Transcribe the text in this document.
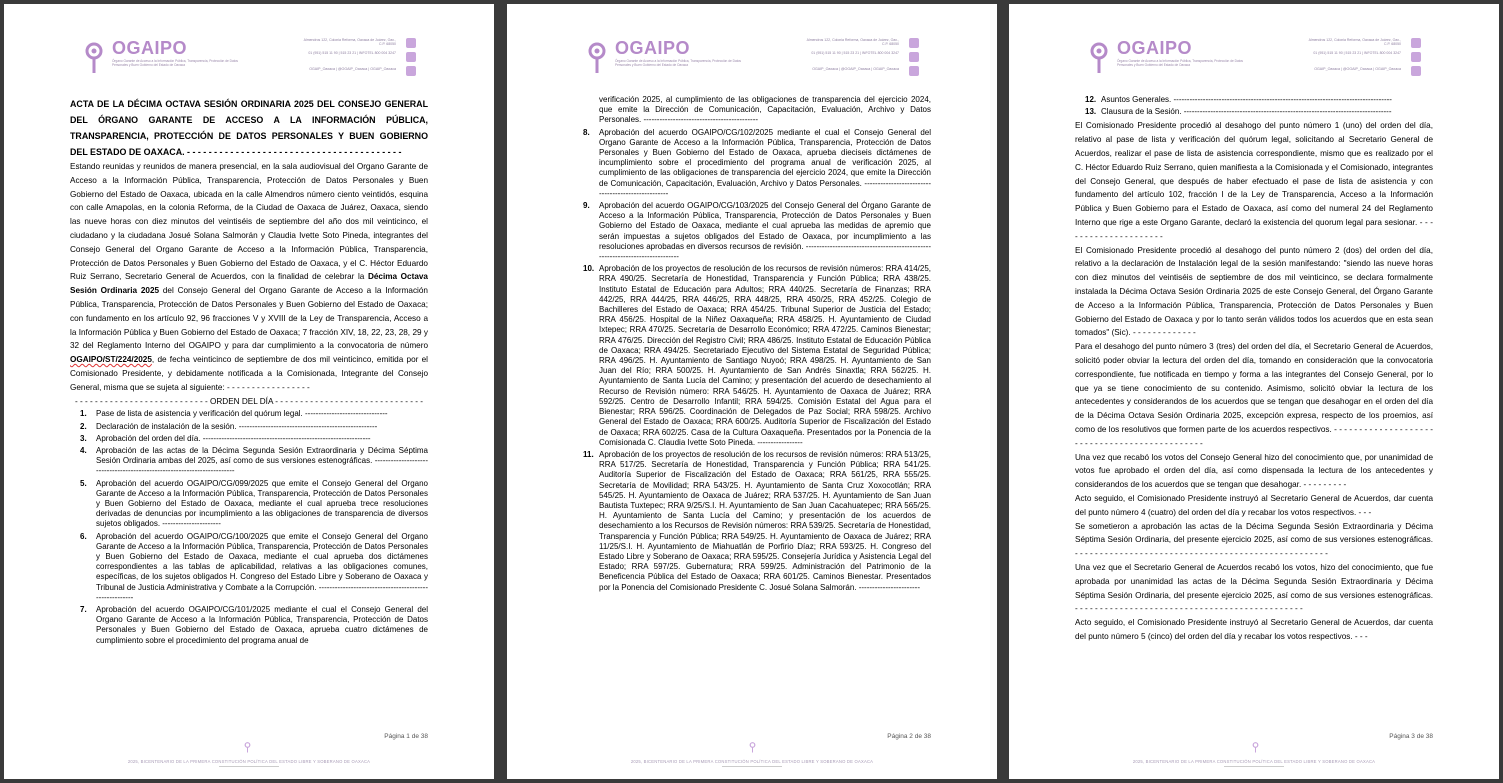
OGAIPO
Órgano Garante de Acceso a la Información Pública, Transparencia, Protección de Datos Personales y Buen Gobierno del Estado de Oaxaca
Almendros 122, Colonia Reforma, Oaxaca de Juárez, Oax., C.P. 68050
01 (951) 515 11 90 | 515 23 21 | INFOTEL 800 004 3247
OGAIP_Oaxaca | @OGAIP_Oaxaca | OGAIP_Oaxaca

ACTA DE LA DÉCIMA OCTAVA SESIÓN ORDINARIA 2025 DEL CONSEJO GENERAL DEL ÓRGANO GARANTE DE ACCESO A LA INFORMACIÓN PÚBLICA, TRANSPARENCIA, PROTECCIÓN DE DATOS PERSONALES Y BUEN GOBIERNO DEL ESTADO DE OAXACA. - - - - - - - - - - - - - - - - - - - - - - - - - - - - - - - - - - - - - - - -

Estando reunidas y reunidos de manera presencial, en la sala audiovisual del Organo Garante de Acceso a la Información Pública, Transparencia, Protección de Datos Personales y Buen Gobierno del Estado de Oaxaca, ubicada en la calle Almendros número ciento veintidós, esquina con calle Amapolas, en la colonia Reforma, de la Ciudad de Oaxaca de Juárez, Oaxaca, siendo las nueve horas con diez minutos del veintiséis de septiembre del año dos mil veinticinco, el ciudadano y la ciudadana Josué Solana Salmorán y Claudia Ivette Soto Pineda, integrantes del Consejo General del Organo Garante de Acceso a la Información Pública, Transparencia, Protección de Datos Personales y Buen Gobierno del Estado de Oaxaca, y el C. Héctor Eduardo Ruiz Serrano, Secretario General de Acuerdos, con la finalidad de celebrar la Décima Octava Sesión Ordinaria 2025 del Consejo General del Organo Garante de Acceso a la Información Pública, Transparencia, Protección de Datos Personales y Buen Gobierno del Estado de Oaxaca; con fundamento en los artículo 92, 96 fracciones V y XVIII de la Ley de Transparencia, Acceso a la Información Pública y Buen Gobierno del Estado de Oaxaca; 7 fracción XIV, 18, 22, 23, 28, 29 y 32 del Reglamento Interno del OGAIPO y para dar cumplimiento a la convocatoria de número OGAIPO/ST/224/2025, de fecha veinticinco de septiembre de dos mil veinticinco, emitida por el Comisionado Presidente, y debidamente notificada a la Comisionada, Integrante del Consejo General, misma que se sujeta al siguiente: - - - - - - - - - - - - - - - - -

- - - - - - - - - - - - - - - - - - - - - - - - - - - ORDEN DEL DÍA - - - - - - - - - - - - - - - - - - - - - - - - - - - - - -

1. Pase de lista de asistencia y verificación del quórum legal. -------------------------------
2. Declaración de instalación de la sesión. ----------------------------------------------------
3. Aprobación del orden del día. ---------------------------------------------------------------
4. Aprobación de las actas de la Décima Segunda Sesión Extraordinaria y Décima Séptima Sesión Ordinaria ambas del 2025, así como de sus versiones estenográficas. ------------------------------------------------------------------------
5. Aprobación del acuerdo OGAIPO/CG/099/2025 que emite el Consejo General del Organo Garante de Acceso a la Información Pública, Transparencia, Protección de Datos Personales y Buen Gobierno del Estado de Oaxaca, mediante el cual aprueba trece resoluciones derivadas de denuncias por incumplimiento a las obligaciones de transparencia de diversos sujetos obligados. ----------------------
6. Aprobación del acuerdo OGAIPO/CG/100/2025 que emite el Consejo General del Organo Garante de Acceso a la Información Pública, Transparencia, Protección de Datos Personales y Buen Gobierno del Estado de Oaxaca, mediante el cual aprueba dos dictámenes correspondientes a las tablas de aplicabilidad, relativas a las obligaciones comunes, específicas, de los sujetos obligados H. Congreso del Estado Libre y Soberano de Oaxaca y Tribunal de Justicia Administrativa y Combate a la Corrupción. -------------------------------------------------------
7. Aprobación del acuerdo OGAIPO/CG/101/2025 mediante el cual el Consejo General del Organo Garante de Acceso a la Información Pública, Transparencia, Protección de Datos Personales y Buen Gobierno del Estado de Oaxaca, aprueba cuatro dictámenes de cumplimiento sobre el procedimiento del programa anual de
Página 1 de 38
2025, BICENTENARIO DE LA PRIMERA CONSTITUCIÓN POLÍTICA DEL ESTADO LIBRE Y SOBERANO DE OAXACA
OGAIPO
Órgano Garante de Acceso a la Información Pública, Transparencia, Protección de Datos Personales y Buen Gobierno del Estado de Oaxaca
Almendros 122, Colonia Reforma, Oaxaca de Juárez, Oax., C.P. 68050
01 (951) 515 11 90 | 515 23 21 | INFOTEL 800 004 3247
OGAIP_Oaxaca | @OGAIP_Oaxaca | OGAIP_Oaxaca
verificación 2025, al cumplimiento de las obligaciones de transparencia del ejercicio 2024, que emite la Dirección de Comunicación, Capacitación, Evaluación, Archivo y Datos Personales. -------------------------------------------
8. Aprobación del acuerdo OGAIPO/CG/102/2025 mediante el cual el Consejo General del Organo Garante de Acceso a la Información Pública, Transparencia, Protección de Datos Personales y Buen Gobierno del Estado de Oaxaca, aprueba dieciseis dictámenes de incumplimiento sobre el procedimiento del programa anual de verificación 2025, al cumplimiento de las obligaciones de transparencia del ejercicio 2024, que emite la Dirección de Comunicación, Capacitación, Evaluación, Archivo y Datos Personales. ---------------------------------------------------
9. Aprobación del acuerdo OGAIPO/CG/103/2025 del Consejo General del Órgano Garante de Acceso a la Información Pública, Transparencia, Protección de Datos Personales y Buen Gobierno del Estado de Oaxaca, mediante el cual aprueba las medidas de apremio que serán impuestas a sujetos obligados del Estado de Oaxaca, por incumplimiento a las resoluciones aprobadas en diversos recursos de revisión. -----------------------------------------------------------------------------
10. Aprobación de los proyectos de resolución de los recursos de revisión números: RRA 414/25, RRA 490/25. Secretaría de Honestidad, Transparencia y Función Pública; RRA 438/25. Instituto Estatal de Educación para Adultos; RRA 440/25. Secretaría de Finanzas; RRA 442/25, RRA 444/25, RRA 446/25, RRA 448/25, RRA 450/25, RRA 452/25. Colegio de Bachilleres del Estado de Oaxaca; RRA 454/25. Tribunal Superior de Justicia del Estado; RRA 456/25. Hospital de la Niñez Oaxaqueña; RRA 458/25. H. Ayuntamiento de Ciudad Ixtepec; RRA 470/25. Secretaría de Desarrollo Económico; RRA 472/25. Caminos Bienestar; RRA 476/25. Dirección del Registro Civil; RRA 486/25. Instituto Estatal de Educación Pública de Oaxaca; RRA 494/25. Secretariado Ejecutivo del Sistema Estatal de Seguridad Pública; RRA 496/25. H. Ayuntamiento de Santiago Nuyoó; RRA 498/25. H. Ayuntamiento de San Juan del Río; RRA 500/25. H. Ayuntamiento de San Andrés Sinaxtla; RRA 562/25. H. Ayuntamiento de Santa Lucía del Camino; y presentación del acuerdo de desechamiento al Recurso de Revisión número: RRA 546/25. H. Ayuntamiento de Oaxaca de Juárez; RRA 592/25. Centro de Desarrollo Infantil; RRA 594/25. Comisión Estatal del Agua para el Bienestar; RRA 596/25. Coordinación de Delegados de Paz Social; RRA 598/25. Archivo General del Estado de Oaxaca; RRA 600/25. Auditoría Superior de Fiscalización del Estado de Oaxaca; RRA 602/25. Casa de la Cultura Oaxaqueña. Presentados por la Ponencia de la Comisionada C. Claudia Ivette Soto Pineda. -----------------
11. Aprobación de los proyectos de resolución de los recursos de revisión números: RRA 513/25, RRA 517/25. Secretaría de Honestidad, Transparencia y Función Pública; RRA 541/25. Auditoría Superior de Fiscalización del Estado de Oaxaca; RRA 561/25, RRA 555/25. Secretaría de Movilidad; RRA 543/25. H. Ayuntamiento de Santa Cruz Xoxocotlán; RRA 545/25. H. Ayuntamiento de Oaxaca de Juárez; RRA 537/25. H. Ayuntamiento de San Juan Bautista Tuxtepec; RRA 9/25/S.I. H. Ayuntamiento de San Juan Cacahuatepec; RRA 565/25. H. Ayuntamiento de Santa Lucía del Camino; y presentación de los acuerdos de desechamiento a los Recursos de Revisión números: RRA 539/25. Secretaría de Honestidad, Transparencia y Función Pública; RRA 549/25. H. Ayuntamiento de Oaxaca de Juárez; RRA 11/25/S.I. H. Ayuntamiento de Miahuatlán de Porfirio Díaz; RRA 593/25. H. Congreso del Estado Libre y Soberano de Oaxaca; RRA 595/25. Consejería Jurídica y Asistencia Legal del Estado; RRA 597/25. Gubernatura; RRA 599/25. Administración del Patrimonio de la Beneficencia Pública del Estado de Oaxaca; RRA 601/25. Caminos Bienestar. Presentados por la Ponencia del Comisionado Presidente C. Josué Solana Salmorán. -----------------------
Página 2 de 38
2025, BICENTENARIO DE LA PRIMERA CONSTITUCIÓN POLÍTICA DEL ESTADO LIBRE Y SOBERANO DE OAXACA
OGAIPO
Órgano Garante de Acceso a la Información Pública, Transparencia, Protección de Datos Personales y Buen Gobierno del Estado de Oaxaca
Almendros 122, Colonia Reforma, Oaxaca de Juárez, Oax., C.P. 68050
01 (951) 515 11 90 | 515 23 21 | INFOTEL 800 004 3247
OGAIP_Oaxaca | @OGAIP_Oaxaca | OGAIP_Oaxaca
12. Asuntos Generales. ----------------------------------------------------------------------------------
13. Clausura de la Sesión. ------------------------------------------------------------------------------

El Comisionado Presidente procedió al desahogo del punto número 1 (uno) del orden del día, relativo al pase de lista y verificación del quórum legal, solicitando al Secretario General de Acuerdos, realizar el pase de lista de asistencia correspondiente, mismo que es realizado por el C. Héctor Eduardo Ruiz Serrano, quien manifiesta a la Comisionada y el Comisionado, integrantes del Consejo General, que después de haber efectuado el pase de lista de asistencia y con fundamento del artículo 102, fracción I de la Ley de Transparencia, Acceso a la Información Pública y Buen Gobierno para el Estado de Oaxaca, así como del numeral 24 del Reglamento Interno que rige a este Organo Garante, declaró la existencia del quorum legal para sesionar. - - - - - - - - - - - - - - - - - - - - -

El Comisionado Presidente procedió al desahogo del punto número 2 (dos) del orden del día, relativo a la declaración de Instalación legal de la sesión manifestando: "siendo las nueve horas con diez minutos del veintiséis de septiembre de dos mil veinticinco, se declara formalmente instalada la Décima Octava Sesión Ordinaria 2025 de este Consejo General, del Órgano Garante de Acceso a la Información Pública, Transparencia, Protección de Datos Personales y Buen Gobierno del Estado de Oaxaca y por lo tanto serán válidos todos los acuerdos que en esta sean tomados" (Sic). - - - - - - - - - - - - -

Para el desahogo del punto número 3 (tres) del orden del día, el Secretario General de Acuerdos, solicitó poder obviar la lectura del orden del día, tomando en consideración que la convocatoria correspondiente, fue notificada en tiempo y forma a las integrantes del Consejo General, por lo que ya se tiene conocimiento de su contenido. Asimismo, solicitó obviar la lectura de los antecedentes y considerandos de los acuerdos que se tengan que desahogar en el orden del día de la Décima Octava Sesión Ordinaria 2025, excepción expresa, respecto de los proemios, así como de los resolutivos que formen parte de los acuerdos respectivos. - - - - - - - - - - - - - - - - - - - - - - - - - - - - - - - - - - - - - - - - - - - - - -

Una vez que recabó los votos del Consejo General hizo del conocimiento que, por unanimidad de votos fue aprobado el orden del día, así como dispensada la lectura de los antecedentes y considerandos de los acuerdos que se tengan que desahogar. - - - - - - - - -

Acto seguido, el Comisionado Presidente instruyó al Secretario General de Acuerdos, dar cuenta del punto número 4 (cuatro) del orden del día y recabar los votos respectivos. - - -

Se sometieron a aprobación las actas de la Décima Segunda Sesión Extraordinaria y Décima Séptima Sesión Ordinaria, del presente ejercicio 2025, así como de sus versiones estenográficas. - - - - - - - - - - - - - - - - - - - - - - - - - - - - - - - - - - - - - - - - - - - - - - - - - - -

Una vez que el Secretario General de Acuerdos recabó los votos, hizo del conocimiento, que fue aprobada por unanimidad las actas de la Décima Segunda Sesión Extraordinaria y Décima Séptima Sesión Ordinaria, del presente ejercicio 2025, así como de sus versiones estenográficas. - - - - - - - - - - - - - - - - - - - - - - - - - - - - - - - - - - - - - - - - - - - - - -

Acto seguido, el Comisionado Presidente instruyó al Secretario General de Acuerdos, dar cuenta del punto número 5 (cinco) del orden del día y recabar los votos respectivos. - - -

Página 3 de 38
2025, BICENTENARIO DE LA PRIMERA CONSTITUCIÓN POLÍTICA DEL ESTADO LIBRE Y SOBERANO DE OAXACA
